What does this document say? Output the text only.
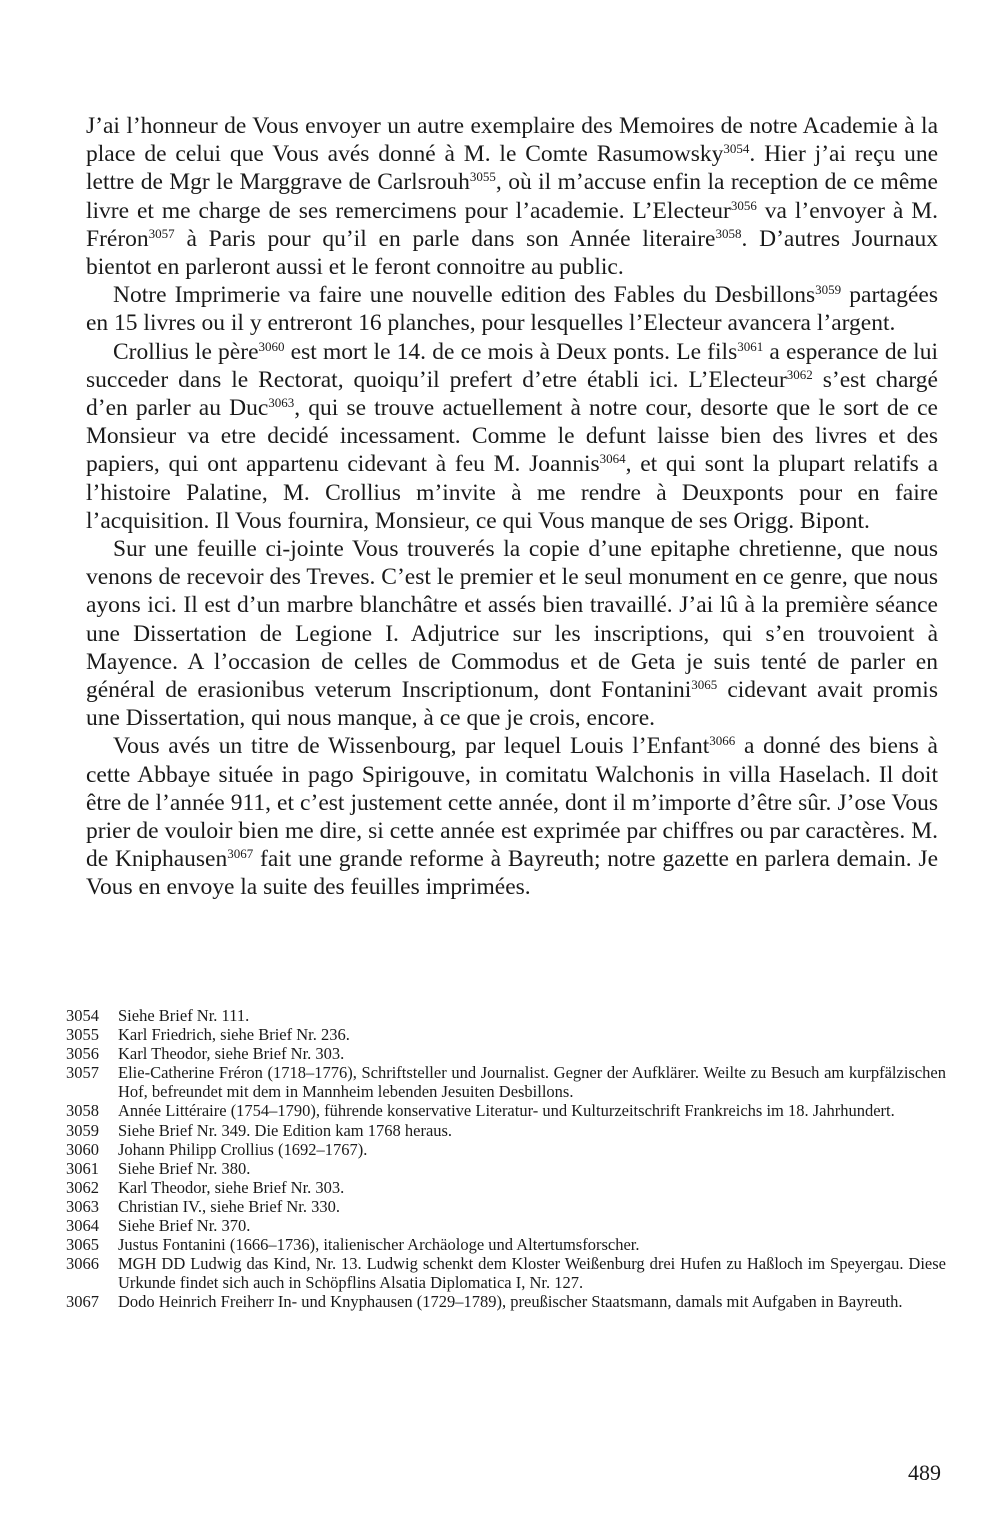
J’ai l’honneur de Vous envoyer un autre exemplaire des Memoires de notre Academie à la place de celui que Vous avés donné à M. le Comte Rasumowsky$^{3054}$. Hier j’ai reçu une lettre de Mgr le Marggrave de Carlsrouh$^{3055}$, où il m’accuse enfin la reception de ce même livre et me charge de ses remercimens pour l’academie. L’Electeur$^{3056}$ va l’envoyer à M. Fréron$^{3057}$ à Paris pour qu’il en parle dans son Année literaire$^{3058}$. D’autres Journaux bientot en parleront aussi et le feront connoitre au public.

Notre Imprimerie va faire une nouvelle edition des Fables du Desbillons$^{3059}$ partagées en 15 livres ou il y entreront 16 planches, pour lesquelles l’Electeur avancera l’argent.

Crollius le père$^{3060}$ est mort le 14. de ce mois à Deux ponts. Le fils$^{3061}$ a esperance de lui succeder dans le Rectorat, quoiqu’il prefert d’etre établi ici. L’Electeur$^{3062}$ s’est chargé d’en parler au Duc$^{3063}$, qui se trouve actuellement à notre cour, desorte que le sort de ce Monsieur va etre decidé incessament. Comme le defunt laisse bien des livres et des papiers, qui ont appartenu cidevant à feu M. Joannis$^{3064}$, et qui sont la plupart relatifs a l’histoire Palatine, M. Crollius m’invite à me rendre à Deuxponts pour en faire l’acquisition. Il Vous fournira, Monsieur, ce qui Vous manque de ses Origg. Bipont.

Sur une feuille ci-jointe Vous trouverés la copie d’une epitaphe chretienne, que nous venons de recevoir des Treves. C’est le premier et le seul monument en ce genre, que nous ayons ici. Il est d’un marbre blanchâtre et assés bien travaillé. J’ai lû à la première séance une Dissertation de Legione I. Adjutrice sur les inscriptions, qui s’en trouvoient à Mayence. A l’occasion de celles de Commodus et de Geta je suis tenté de parler en général de erasionibus veterum Inscriptionum, dont Fontanini$^{3065}$ cidevant avait promis une Dissertation, qui nous manque, à ce que je crois, encore.

Vous avés un titre de Wissenbourg, par lequel Louis l’Enfant$^{3066}$ a donné des biens à cette Abbaye située in pago Spirigouve, in comitatu Walchonis in villa Haselach. Il doit être de l’année 911, et c’est justement cette année, dont il m’importe d’être sûr. J’ose Vous prier de vouloir bien me dire, si cette année est exprimée par chiffres ou par caractères. M. de Kniphausen$^{3067}$ fait une grande reforme à Bayreuth; notre gazette en parlera demain. Je Vous en envoye la suite des feuilles imprimées.

3054	Siehe Brief Nr. 111.
3055	Karl Friedrich, siehe Brief Nr. 236.
3056	Karl Theodor, siehe Brief Nr. 303.
3057	Elie-Catherine Fréron (1718–1776), Schriftsteller und Journalist. Gegner der Aufklärer. Weilte zu Besuch am kurpfälzischen Hof, befreundet mit dem in Mannheim lebenden Jesuiten Desbillons.
3058	Année Littéraire (1754–1790), führende konservative Literatur- und Kulturzeitschrift Frankreichs im 18. Jahrhundert.
3059	Siehe Brief Nr. 349. Die Edition kam 1768 heraus.
3060	Johann Philipp Crollius (1692–1767).
3061	Siehe Brief Nr. 380.
3062	Karl Theodor, siehe Brief Nr. 303.
3063	Christian IV., siehe Brief Nr. 330.
3064	Siehe Brief Nr. 370.
3065	Justus Fontanini (1666–1736), italienischer Archäologe und Altertumsforscher.
3066	MGH DD Ludwig das Kind, Nr. 13. Ludwig schenkt dem Kloster Weißenburg drei Hufen zu Haßloch im Speyergau. Diese Urkunde findet sich auch in Schöpflins Alsatia Diplomatica I, Nr. 127.
3067	Dodo Heinrich Freiherr In- und Knyphausen (1729–1789), preußischer Staatsmann, damals mit Aufgaben in Bayreuth.
489
